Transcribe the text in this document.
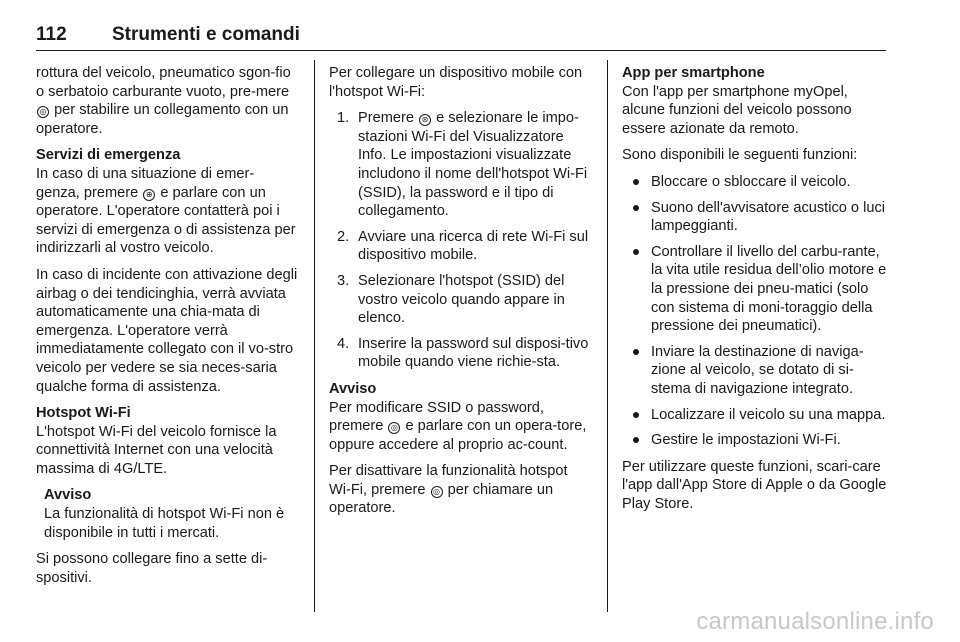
112 Strumenti e comandi

rottura del veicolo, pneumatico sgon-fio o serbatoio carburante vuoto, pre-mere ◎ per stabilire un collegamento con un operatore.

Servizi di emergenza

In caso di una situazione di emer-genza, premere ⊕ e parlare con un operatore. L'operatore contatterà poi i servizi di emergenza o di assistenza per indirizzarli al vostro veicolo.

In caso di incidente con attivazione degli airbag o dei tendicinghia, verrà avviata automaticamente una chia-mata di emergenza. L'operatore verrà immediatamente collegato con il vo-stro veicolo per vedere se sia neces-saria qualche forma di assistenza.

Hotspot Wi-Fi

L'hotspot Wi-Fi del veicolo fornisce la connettività Internet con una velocità massima di 4G/LTE.

Avviso
La funzionalità di hotspot Wi-Fi non è disponibile in tutti i mercati.

Si possono collegare fino a sette di-spositivi.

Per collegare un dispositivo mobile con l'hotspot Wi-Fi:

1. Premere ⊛ e selezionare le impo-stazioni Wi-Fi del Visualizzatore Info. Le impostazioni visualizzate includono il nome dell'hotspot Wi-Fi (SSID), la password e il tipo di collegamento.
2. Avviare una ricerca di rete Wi-Fi sul dispositivo mobile.
3. Selezionare l'hotspot (SSID) del vostro veicolo quando appare in elenco.
4. Inserire la password sul disposi-tivo mobile quando viene richie-sta.
Avviso
Per modificare SSID o password, premere ◎ e parlare con un opera-tore, oppure accedere al proprio ac-count.

Per disattivare la funzionalità hotspot Wi-Fi, premere ◎ per chiamare un operatore.

App per smartphone

Con l'app per smartphone myOpel, alcune funzioni del veicolo possono essere azionate da remoto.

Sono disponibili le seguenti funzioni:

Bloccare o sbloccare il veicolo.
Suono dell'avvisatore acustico o luci lampeggianti.
Controllare il livello del carbu-rante, la vita utile residua dell’olio motore e la pressione dei pneu-matici (solo con sistema di moni-toraggio della pressione dei pneumatici).
Inviare la destinazione di naviga-zione al veicolo, se dotato di si-stema di navigazione integrato.
Localizzare il veicolo su una mappa.
Gestire le impostazioni Wi-Fi.

Per utilizzare queste funzioni, scari-care l'app dall'App Store di Apple o da Google Play Store.

carmanualsonline.info
